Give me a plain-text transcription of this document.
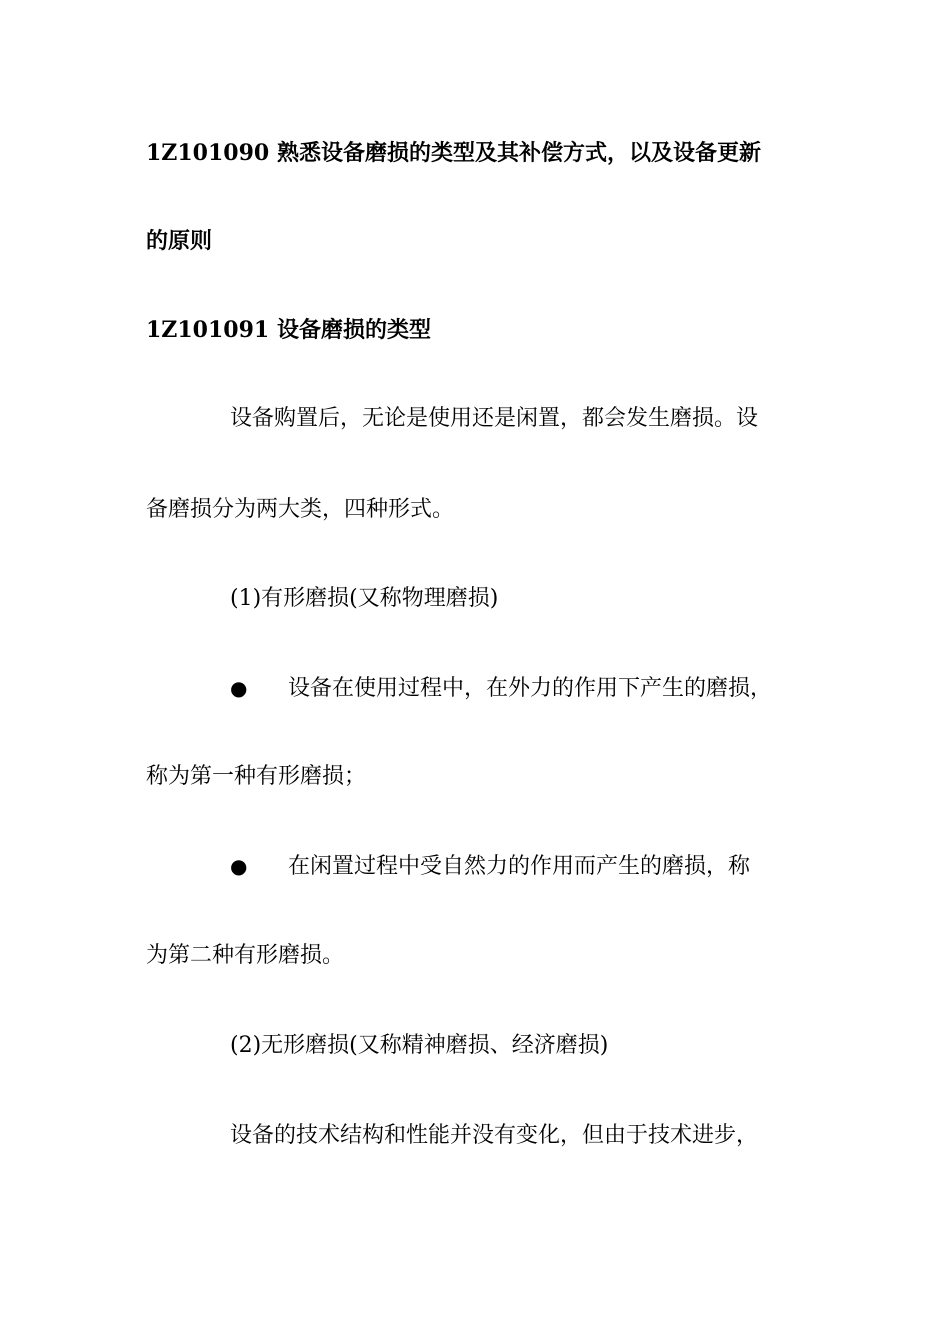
1Z101090 熟悉设备磨损的类型及其补偿方式，以及设备更新
的原则
1Z101091 设备磨损的类型
设备购置后，无论是使用还是闲置，都会发生磨损。设
备磨损分为两大类，四种形式。
(1)有形磨损(又称物理磨损)
● 设备在使用过程中，在外力的作用下产生的磨损，
称为第一种有形磨损；
● 在闲置过程中受自然力的作用而产生的磨损，称
为第二种有形磨损。
(2)无形磨损(又称精神磨损、经济磨损)
设备的技术结构和性能并没有变化，但由于技术进步，
